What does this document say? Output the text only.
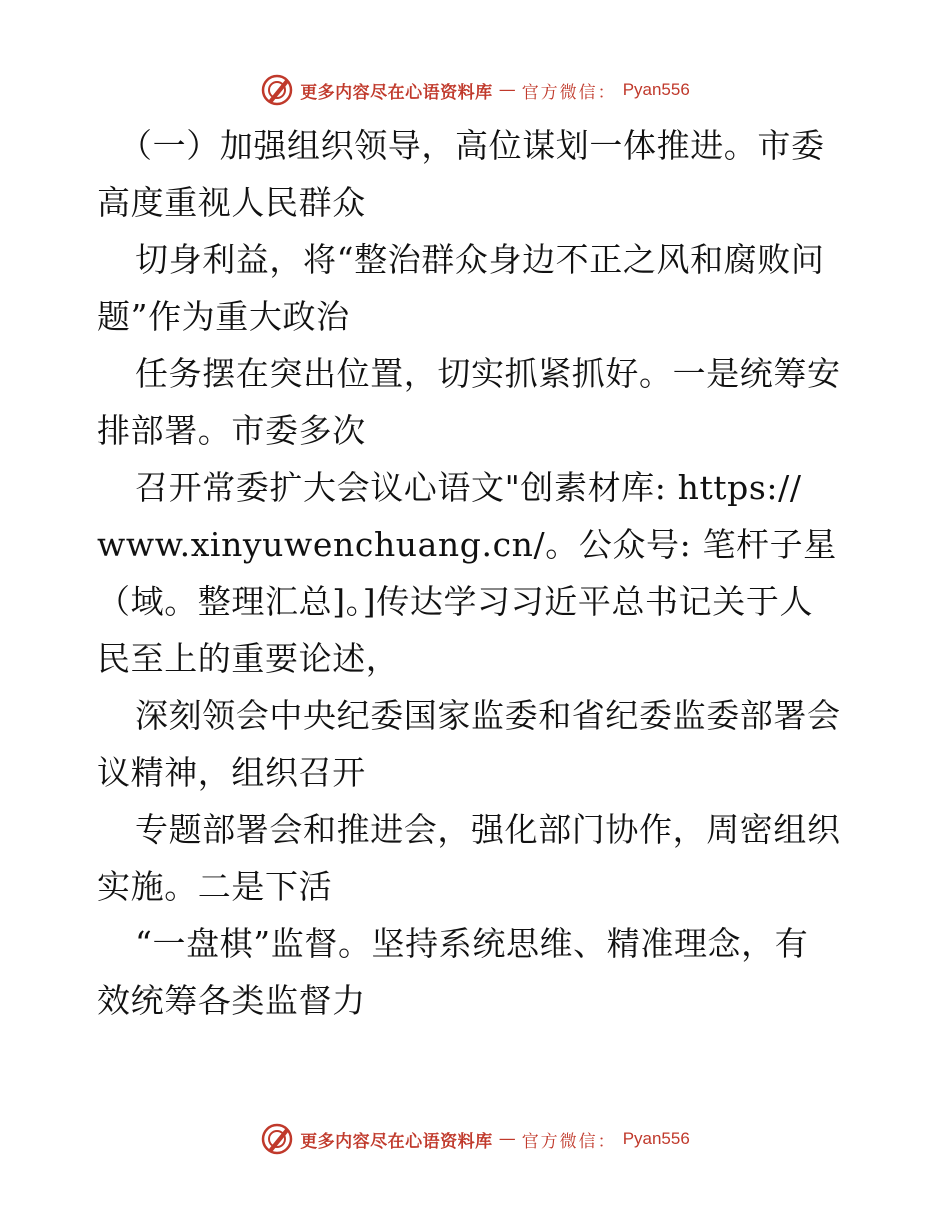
更多内容尽在心语资料库 — 官方微信： Pyan556

（一）加强组织领导，高位谋划一体推进。市委

高度重视人民群众

切身利益，将“整治群众身边不正之风和腐败问

题”作为重大政治

任务摆在突出位置，切实抓紧抓好。一是统筹安

排部署。市委多次

召开常委扩大会议心语文"创素材库: https://

www.xinyuwenchuang.cn/。公众号: 笔杆子星

（域。整理汇总]。]传达学习习近平总书记关于人

民至上的重要论述，

深刻领会中央纪委国家监委和省纪委监委部署会

议精神，组织召开

专题部署会和推进会，强化部门协作，周密组织

实施。二是下活

“一盘棋”监督。坚持系统思维、精准理念，有

效统筹各类监督力

更多内容尽在心语资料库 — 官方微信： Pyan556
